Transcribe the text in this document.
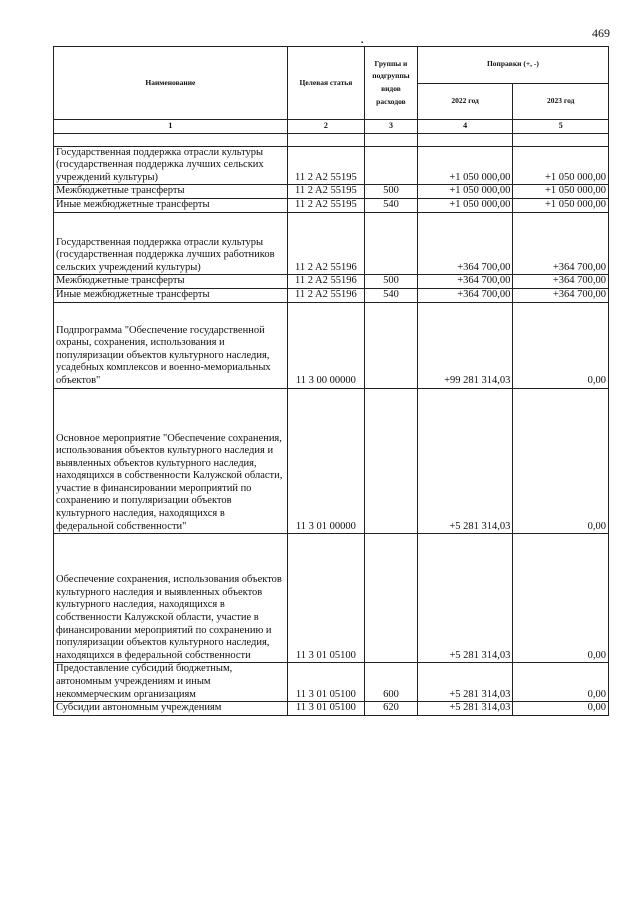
469
▪
Наименование	Целевая статья	Группы и подгруппы видов расходов	Поправки (+, -)	
			2022 год	2023 год
1	2	3	4	5

Государственная поддержка отрасли культуры (государственная поддержка лучших сельских учреждений культуры)	11 2 A2 55195		+1 050 000,00	+1 050 000,00
Межбюджетные трансферты	11 2 A2 55195	500	+1 050 000,00	+1 050 000,00
Иные межбюджетные трансферты	11 2 A2 55195	540	+1 050 000,00	+1 050 000,00
Государственная поддержка отрасли культуры (государственная поддержка лучших работников сельских учреждений культуры)	11 2 A2 55196		+364 700,00	+364 700,00
Межбюджетные трансферты	11 2 A2 55196	500	+364 700,00	+364 700,00
Иные межбюджетные трансферты	11 2 A2 55196	540	+364 700,00	+364 700,00
Подпрограмма "Обеспечение государственной охраны, сохранения, использования и популяризации объектов культурного наследия, усадебных комплексов и военно-мемориальных объектов"	11 3 00 00000		+99 281 314,03	0,00
Основное мероприятие "Обеспечение сохранения, использования объектов культурного наследия и выявленных объектов культурного наследия, находящихся в собственности Калужской области, участие в финансировании мероприятий по сохранению и популяризации объектов культурного наследия, находящихся в федеральной собственности"	11 3 01 00000		+5 281 314,03	0,00
Обеспечение сохранения, использования объектов культурного наследия и выявленных объектов культурного наследия, находящихся в собственности Калужской области, участие в финансировании мероприятий по сохранению и популяризации объектов культурного наследия, находящихся в федеральной собственности	11 3 01 05100		+5 281 314,03	0,00
Предоставление субсидий бюджетным, автономным учреждениям и иным некоммерческим организациям	11 3 01 05100	600	+5 281 314,03	0,00
Субсидии автономным учреждениям	11 3 01 05100	620	+5 281 314,03	0,00
